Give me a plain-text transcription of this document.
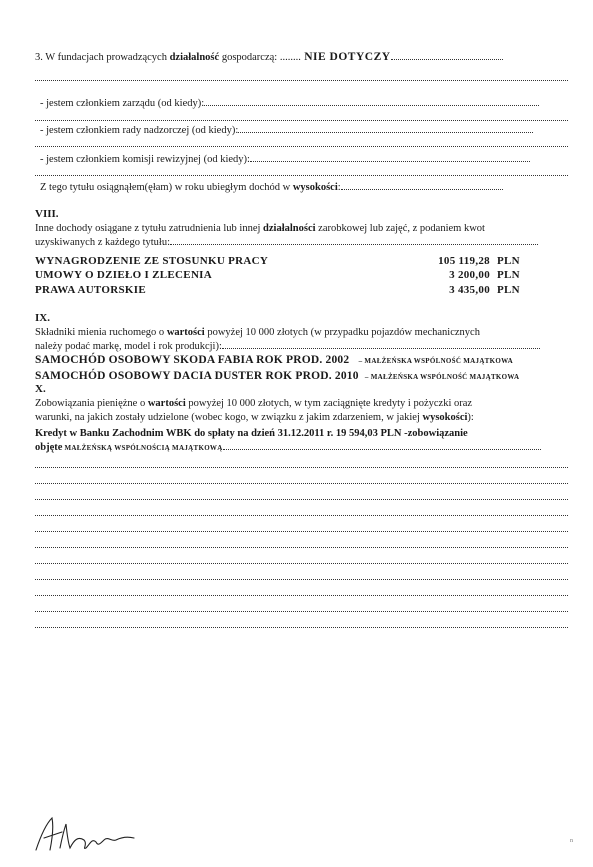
3. W fundacjach prowadzących działalność gospodarczą: ........ NIE DOTYCZY
- jestem członkiem zarządu (od kiedy):
- jestem członkiem rady nadzorczej (od kiedy):
- jestem członkiem komisji rewizyjnej (od kiedy):
Z tego tytułu osiągnąłem(ęłam) w roku ubiegłym dochód w wysokości:
VIII.
Inne dochody osiągane z tytułu zatrudnienia lub innej działalności zarobkowej lub zajęć, z podaniem kwot
uzyskiwanych z każdego tytułu:
WYNAGRODZENIE ZE STOSUNKU PRACY	105 119,28 PLN
UMOWY O DZIEŁO I ZLECENIA	3 200,00 PLN
PRAWA AUTORSKIE	3 435,00 PLN
IX.
Składniki mienia ruchomego o wartości powyżej 10 000 złotych (w przypadku pojazdów mechanicznych
należy podać markę, model i rok produkcji):
SAMOCHÓD OSOBOWY SKODA FABIA ROK PROD. 2002 – MAŁŻEŃSKA WSPÓLNOŚĆ MAJĄTKOWA
SAMOCHÓD OSOBOWY DACIA DUSTER ROK PROD. 2010 – MAŁŻEŃSKA WSPÓLNOŚĆ MAJĄTKOWA
X.
Zobowiązania pieniężne o wartości powyżej 10 000 złotych, w tym zaciągnięte kredyty i pożyczki oraz
warunki, na jakich zostały udzielone (wobec kogo, w związku z jakim zdarzeniem, w jakiej wysokości):
Kredyt w Banku Zachodnim WBK do spłaty na dzień 31.12.2011 r. 19 594,03 PLN -zobowiązanie
objęte MAŁŻEŃSKĄ WSPÓLNOŚCIĄ MAJĄTKOWĄ
n
